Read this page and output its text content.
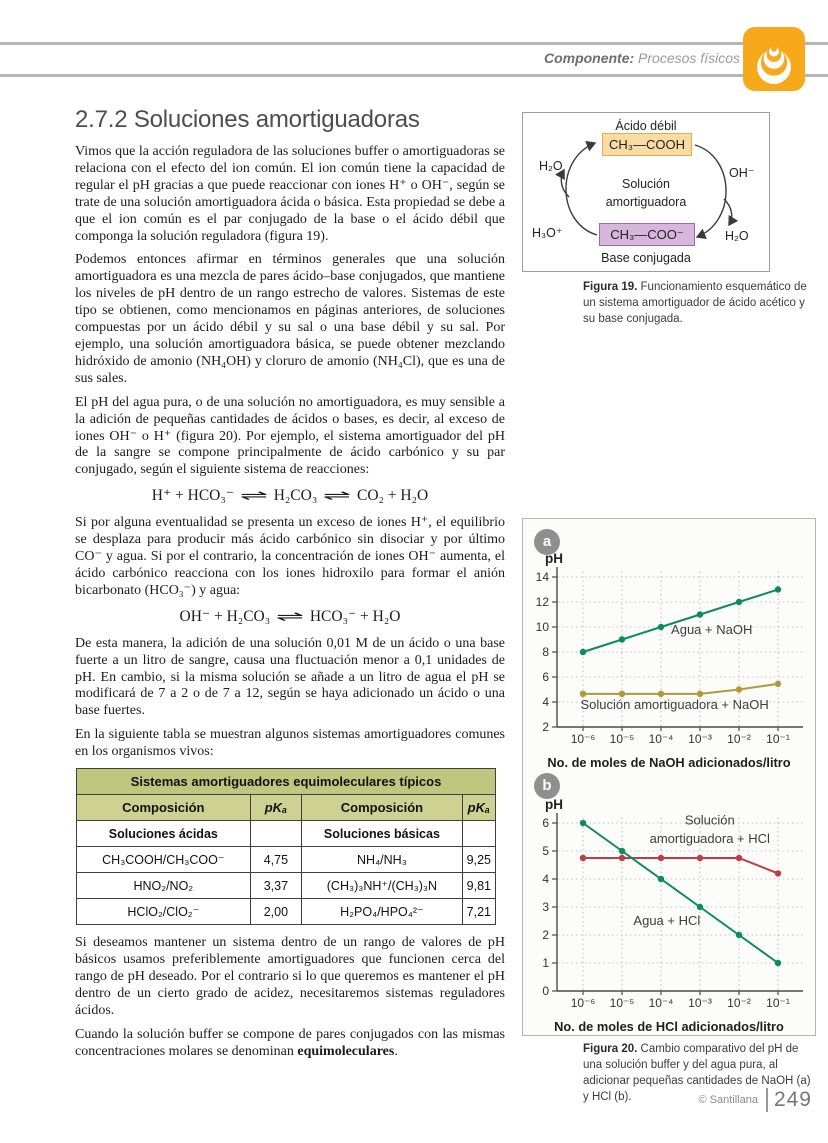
Componente: Procesos físicos
2.7.2 Soluciones amortiguadoras

Vimos que la acción reguladora de las soluciones buffer o amortiguadoras se relaciona con el efecto del ion común. El ion común tiene la capacidad de regular el pH gracias a que puede reaccionar con iones H⁺ o OH⁻, según se trate de una solución amortiguadora ácida o básica. Esta propiedad se debe a que el ion común es el par conjugado de la base o el ácido débil que componga la solución reguladora (figura 19).

Podemos entonces afirmar en términos generales que una solución amortiguadora es una mezcla de pares ácido–base conjugados, que mantiene los niveles de pH dentro de un rango estrecho de valores. Sistemas de este tipo se obtienen, como mencionamos en páginas anteriores, de soluciones compuestas por un ácido débil y su sal o una base débil y su sal. Por ejemplo, una solución amortiguadora básica, se puede obtener mezclando hidróxido de amonio (NH₄OH) y cloruro de amonio (NH₄Cl), que es una de sus sales.

El pH del agua pura, o de una solución no amortiguadora, es muy sensible a la adición de pequeñas cantidades de ácidos o bases, es decir, al exceso de iones OH⁻ o H⁺ (figura 20). Por ejemplo, el sistema amortiguador del pH de la sangre se compone principalmente de ácido carbónico y su par conjugado, según el siguiente sistema de reacciones:

H⁺ + HCO₃⁻ ⇌ H₂CO₃ ⇌ CO₂ + H₂O

Si por alguna eventualidad se presenta un exceso de iones H⁺, el equilibrio se desplaza para producir más ácido carbónico sin disociar y por último CO⁻ y agua. Si por el contrario, la concentración de iones OH⁻ aumenta, el ácido carbónico reacciona con los iones hidroxilo para formar el anión bicarbonato (HCO₃⁻) y agua:

OH⁻ + H₂CO₃ ⇌ HCO₃⁻ + H₂O

De esta manera, la adición de una solución 0,01 M de un ácido o una base fuerte a un litro de sangre, causa una fluctuación menor a 0,1 unidades de pH. En cambio, si la misma solución se añade a un litro de agua el pH se modificará de 7 a 2 o de 7 a 12, según se haya adicionado un ácido o una base fuertes.

En la siguiente tabla se muestran algunos sistemas amortiguadores comunes en los organismos vivos:

Sistemas amortiguadores equimoleculares típicos			
Composición	pKₐ	Composición	pKₐ
Soluciones ácidas		Soluciones básicas	
CH₃COOH/CH₃COO⁻	4,75	NH₄/NH₃	9,25
HNO₂/NO₂	3,37	(CH₃)₃NH⁺/(CH₃)₃N	9,81
HClO₂/ClO₂⁻	2,00	H₂PO₄/HPO₄²⁻	7,21

Si deseamos mantener un sistema dentro de un rango de valores de pH básicos usamos preferiblemente amortiguadores que funcionen cerca del rango de pH deseado. Por el contrario si lo que queremos es mantener el pH dentro de un cierto grado de acidez, necesitaremos sistemas reguladores ácidos.

Cuando la solución buffer se compone de pares conjugados con las mismas concentraciones molares se denominan equimoleculares.

Ácido débil
CH₃—COOH
Solución
amortiguadora
CH₃—COO⁻
Base conjugada
H₂O
H₃O⁺
OH⁻
H₂O
Figura 19. Funcionamiento esquemático de un sistema amortiguador de ácido acético y su base conjugada.
a
2
4
6
8
10
12
14
10⁻⁶ 10⁻⁵ 10⁻⁴ 10⁻³ 10⁻² 10⁻¹
pH
Agua + NaOH
Solución amortiguadora + NaOH
No. de moles de NaOH adicionados/litro
b
0
1
2
3
4
5
6
10⁻⁶ 10⁻⁵ 10⁻⁴ 10⁻³ 10⁻² 10⁻¹
pH
Solución
amortiguadora + HCl
Agua + HCl
No. de moles de HCl adicionados/litro
Figura 20. Cambio comparativo del pH de una solución buffer y del agua pura, al adicionar pequeñas cantidades de NaOH (a) y HCl (b).	© Santillana 249
